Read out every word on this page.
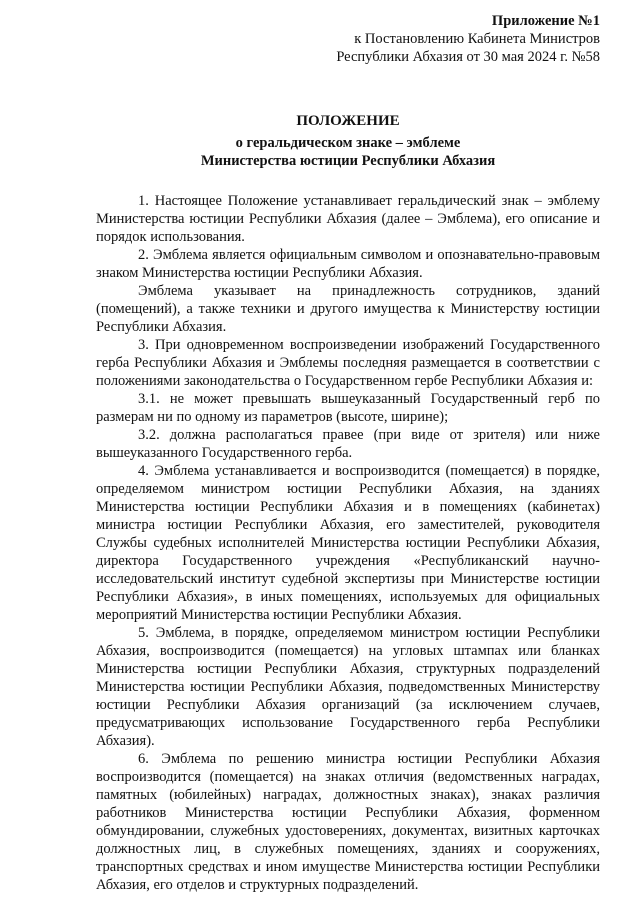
Приложение №1
к Постановлению Кабинета Министров
Республики Абхазия от 30 мая 2024 г. №58
ПОЛОЖЕНИЕ
о геральдическом знаке – эмблеме
Министерства юстиции Республики Абхазия

1. Настоящее Положение устанавливает геральдический знак – эмблему Министерства юстиции Республики Абхазия (далее – Эмблема), его описание и порядок использования.

2. Эмблема является официальным символом и опознавательно-правовым знаком Министерства юстиции Республики Абхазия.

Эмблема указывает на принадлежность сотрудников, зданий (помещений), а также техники и другого имущества к Министерству юстиции Республики Абхазия.

3. При одновременном воспроизведении изображений Государственного герба Республики Абхазия и Эмблемы последняя размещается в соответствии с положениями законодательства о Государственном гербе Республики Абхазия и:

3.1. не может превышать вышеуказанный Государственный герб по размерам ни по одному из параметров (высоте, ширине);

3.2. должна располагаться правее (при виде от зрителя) или ниже вышеуказанного Государственного герба.

4. Эмблема устанавливается и воспроизводится (помещается) в порядке, определяемом министром юстиции Республики Абхазия, на зданиях Министерства юстиции Республики Абхазия и в помещениях (кабинетах) министра юстиции Республики Абхазия, его заместителей, руководителя Службы судебных исполнителей Министерства юстиции Республики Абхазия, директора Государственного учреждения «Республиканский научно-исследовательский институт судебной экспертизы при Министерстве юстиции Республики Абхазия», в иных помещениях, используемых для официальных мероприятий Министерства юстиции Республики Абхазия.

5. Эмблема, в порядке, определяемом министром юстиции Республики Абхазия, воспроизводится (помещается) на угловых штампах или бланках Министерства юстиции Республики Абхазия, структурных подразделений Министерства юстиции Республики Абхазия, подведомственных Министерству юстиции Республики Абхазия организаций (за исключением случаев, предусматривающих использование Государственного герба Республики Абхазия).

6. Эмблема по решению министра юстиции Республики Абхазия воспроизводится (помещается) на знаках отличия (ведомственных наградах, памятных (юбилейных) наградах, должностных знаках), знаках различия работников Министерства юстиции Республики Абхазия, форменном обмундировании, служебных удостоверениях, документах, визитных карточках должностных лиц, в служебных помещениях, зданиях и сооружениях, транспортных средствах и ином имуществе Министерства юстиции Республики Абхазия, его отделов и структурных подразделений.
